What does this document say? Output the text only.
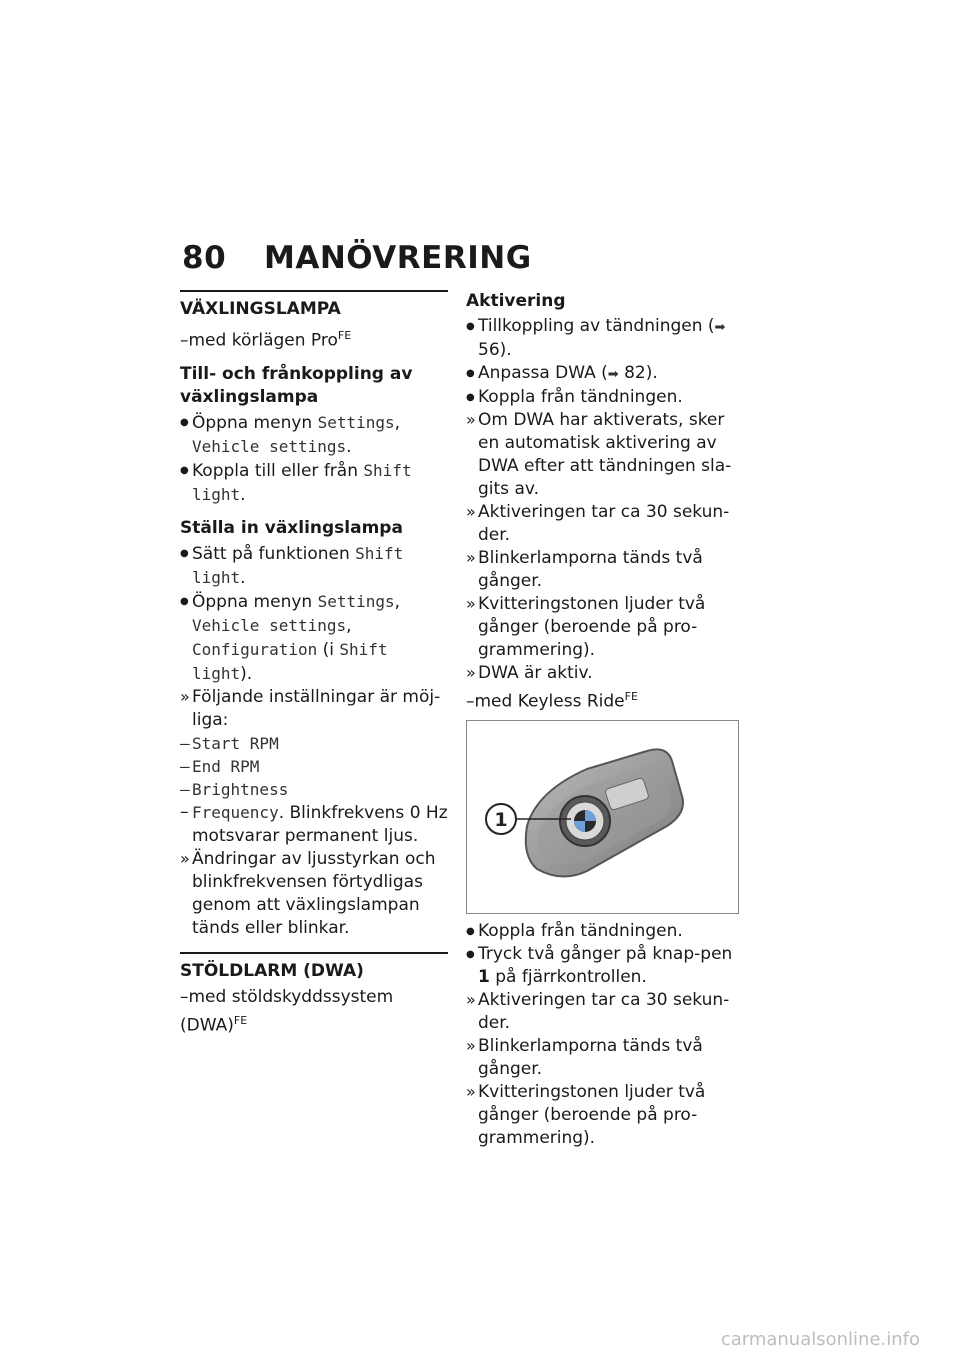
80 MANÖVRERING
VÄXLINGSLAMPA
–med körlägen Pro$^{FE}$
Till- och frånkoppling av växlingslampa
● Öppna menyn Settings,
Vehicle settings.
● Koppla till eller från Shift light.
Ställa in växlingslampa
● Sätt på funktionen Shift light.
● Öppna menyn Settings,
Vehicle settings,
Configuration (i Shift light).
» Följande inställningar är möj-liga:
– Start RPM
– End RPM
– Brightness
– Frequency. Blinkfrekvens 0 Hz motsvarar permanent ljus.
» Ändringar av ljusstyrkan och blinkfrekvensen förtydligas genom att växlingslampan tänds eller blinkar.
STÖLDLARM (DWA)
–med stöldskyddssystem (DWA)$^{FE}$
Aktivering
● Tillkoppling av tändningen (➡ 56).
● Anpassa DWA (➡ 82).
● Koppla från tändningen.
» Om DWA har aktiverats, sker en automatisk aktivering av DWA efter att tändningen sla-gits av.
» Aktiveringen tar ca 30 sekun-der.
» Blinkerlamporna tänds två gånger.
» Kvitteringstonen ljuder två gånger (beroende på pro-grammering).
» DWA är aktiv.
–med Keyless Ride$^{FE}$
1
● Koppla från tändningen.
● Tryck två gånger på knap-pen 1 på fjärrkontrollen.
» Aktiveringen tar ca 30 sekun-der.
» Blinkerlamporna tänds två gånger.
» Kvitteringstonen ljuder två gånger (beroende på pro-grammering).
carmanualsonline.info
